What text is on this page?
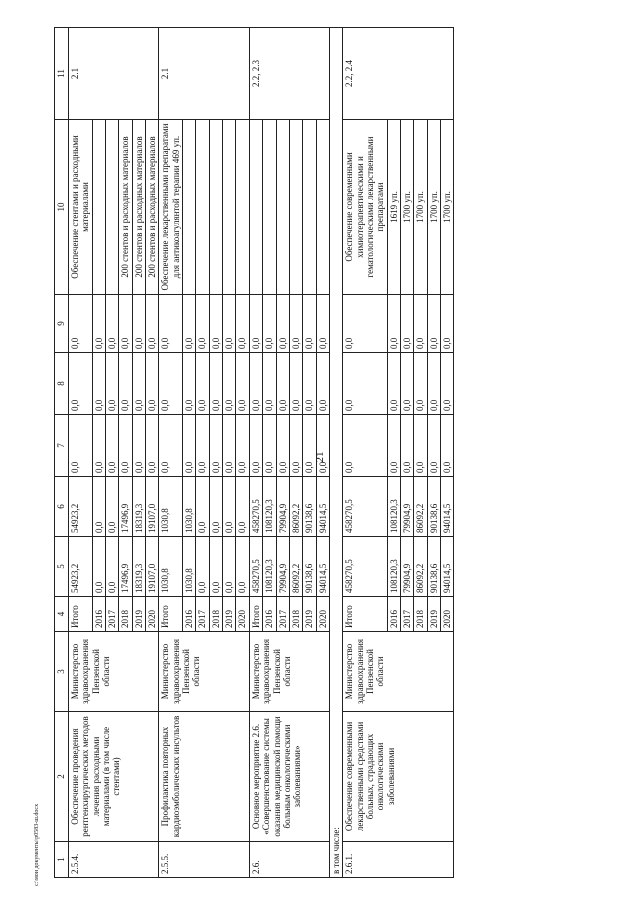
21
c:\мои документы\p0583-ш.docx 1	2	3	4	5	6	7	8	9	10	11
2.5.4.	Обеспечение проведения рентгенхирургических методов лечения расходными материалами (в том числе стентами)	Министерство здравоохранения Пензенской области	Итого	54923,2	54923,2	0,0	0,0	0,0	Обеспечение стентами и расходными материалами	2.1
			2016	0,0	0,0	0,0	0,0	0,0		
			2017	0,0	0,0	0,0	0,0	0,0		
			2018	17496,9	17496,9	0,0	0,0	0,0	200 стентов и расходных материалов	
			2019	18319,3	18319,3	0,0	0,0	0,0	200 стентов и расходных материалов	
			2020	19107,0	19107,0	0,0	0,0	0,0	200 стентов и расходных материалов	
2.5.5.	Профилактика повторных кардиоэмболических инсультов	Министерство здравоохранения Пензенской области	Итого	1030,8	1030,8	0,0	0,0	0,0	Обеспечение лекарственными препаратами для антикоагулянтой терапии 469 уп.	2.1
			2016	1030,8	1030,8	0,0	0,0	0,0		
			2017	0,0	0,0	0,0	0,0	0,0		
			2018	0,0	0,0	0,0	0,0	0,0		
			2019	0,0	0,0	0,0	0,0	0,0		
			2020	0,0	0,0	0,0	0,0	0,0		
2.6.	Основное мероприятие 2.6. «Совершенствование системы оказания медицинской помощи больным онкологическими заболеваниями»	Министерство здравоохранения Пензенской области	Итого	458270,5	458270,5	0,0	0,0	0,0		2.2, 2.3
			2016	108120,3	108120,3	0,0	0,0	0,0		
			2017	79904,9	79904,9	0,0	0,0	0,0		
			2018	86092,2	86092,2	0,0	0,0	0,0		
			2019	90138,6	90138,6	0,0	0,0	0,0		
			2020	94014,5	94014,5	0,0	0,0	0,0		
в том числе:										
2.6.1.	Обеспечение современными лекарственными средствами больных, страдающих онкологическими заболеваниями	Министерство здравоохранения Пензенской области	Итого	458270,5	458270,5	0,0	0,0	0,0	Обеспечение современными химиотерапевтическими и гематологическими лекарственными препаратами	2.2, 2.4
			2016	108120,3	108120,3	0,0	0,0	0,0	1619 уп.	
			2017	79904,9	79904,9	0,0	0,0	0,0	1700 уп.	
			2018	86092,2	86092,2	0,0	0,0	0,0	1700 уп.	
			2019	90138,6	90138,6	0,0	0,0	0,0	1700 уп.	
			2020	94014,5	94014,5	0,0	0,0	0,0	1700 уп.	
